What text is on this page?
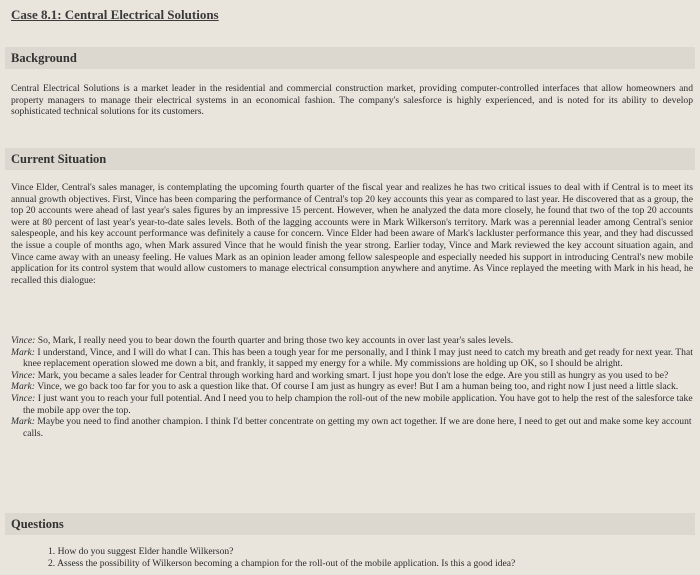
Case 8.1: Central Electrical Solutions
Background
Central Electrical Solutions is a market leader in the residential and commercial construction market, providing computer-controlled interfaces that allow homeowners and property managers to manage their electrical systems in an economical fashion. The company's salesforce is highly experienced, and is noted for its ability to develop sophisticated technical solutions for its customers.
Current Situation
Vince Elder, Central's sales manager, is contemplating the upcoming fourth quarter of the fiscal year and realizes he has two critical issues to deal with if Central is to meet its annual growth objectives. First, Vince has been comparing the performance of Central's top 20 key accounts this year as compared to last year. He discovered that as a group, the top 20 accounts were ahead of last year's sales figures by an impressive 15 percent. However, when he analyzed the data more closely, he found that two of the top 20 accounts were at 80 percent of last year's year-to-date sales levels. Both of the lagging accounts were in Mark Wilkerson's territory. Mark was a perennial leader among Central's senior salespeople, and his key account performance was definitely a cause for concern. Vince Elder had been aware of Mark's lackluster performance this year, and they had discussed the issue a couple of months ago, when Mark assured Vince that he would finish the year strong. Earlier today, Vince and Mark reviewed the key account situation again, and Vince came away with an uneasy feeling. He values Mark as an opinion leader among fellow salespeople and especially needed his support in introducing Central's new mobile application for its control system that would allow customers to manage electrical consumption anywhere and anytime. As Vince replayed the meeting with Mark in his head, he recalled this dialogue:

Vince: So, Mark, I really need you to bear down the fourth quarter and bring those two key accounts in over last year's sales levels.

Mark: I understand, Vince, and I will do what I can. This has been a tough year for me personally, and I think I may just need to catch my breath and get ready for next year. That knee replacement operation slowed me down a bit, and frankly, it sapped my energy for a while. My commissions are holding up OK, so I should be alright.

Vince: Mark, you became a sales leader for Central through working hard and working smart. I just hope you don't lose the edge. Are you still as hungry as you used to be?

Mark: Vince, we go back too far for you to ask a question like that. Of course I am just as hungry as ever! But I am a human being too, and right now I just need a little slack.

Vince: I just want you to reach your full potential. And I need you to help champion the roll-out of the new mobile application. You have got to help the rest of the salesforce take the mobile app over the top.

Mark: Maybe you need to find another champion. I think I'd better concentrate on getting my own act together. If we are done here, I need to get out and make some key account calls.

Questions
1. How do you suggest Elder handle Wilkerson?
2. Assess the possibility of Wilkerson becoming a champion for the roll-out of the mobile application. Is this a good idea?
